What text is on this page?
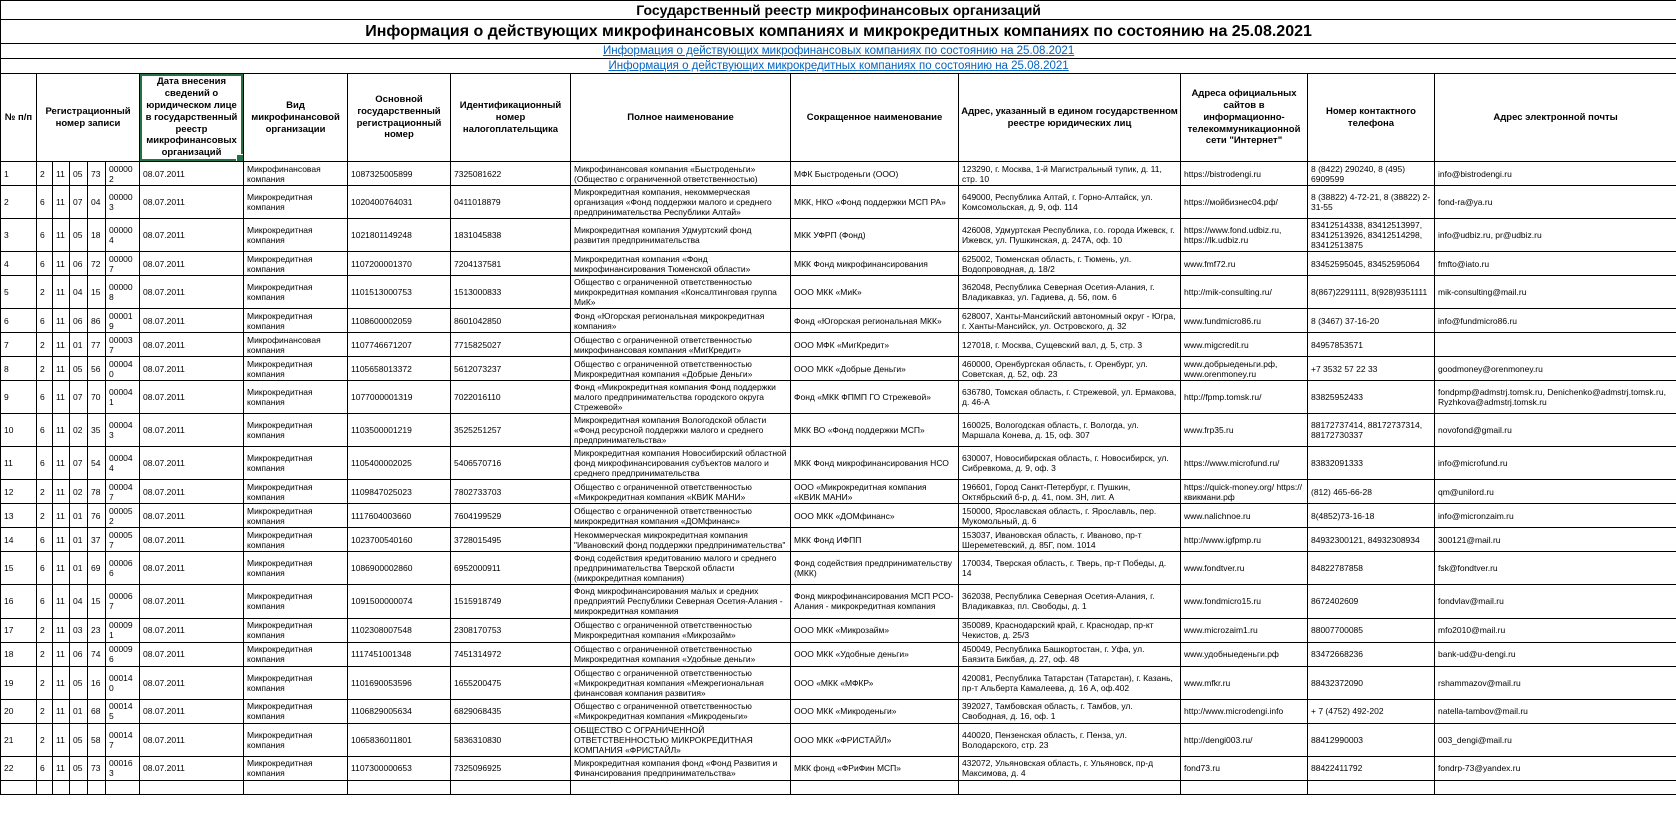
Государственный реестр микрофинансовых организаций															
Информация о действующих микрофинансовых компаниях и микрокредитных компаниях по состоянию на 25.08.2021															
Информация о действующих микрофинансовых компаниях по состоянию на 25.08.2021															
Информация о действующих микрокредитных компаниях по состоянию на 25.08.2021															
№ п/п	Регистрационный номер записи					Дата внесения сведений о юридическом лице в государственный реестр микрофинансовых организаций	Вид микрофинансовой организации	Основной государственный регистрационный номер	Идентификационный номер налогоплательщика	Полное наименование	Сокращенное наименование	Адрес, указанный в едином государственном реестре юридических лиц	Адреса официальных сайтов в информационно-телекоммуникационной сети "Интернет"	Номер контактного телефона	Адрес электронной почты
1	2	11	05	73	000002	08.07.2011	Микрофинансовая компания	1087325005899	7325081622	Микрофинансовая компания «Быстроденьги» (Общество с ограниченной ответственностью)	МФК Быстроденьги (ООО)	123290, г. Москва, 1-й Магистральный тупик, д. 11, стр. 10	https://bistrodengi.ru	8 (8422) 290240, 8 (495) 6909599	info@bistrodengi.ru
2	6	11	07	04	000003	08.07.2011	Микрокредитная компания	1020400764031	0411018879	Микрокредитная компания, некоммерческая организация «Фонд поддержки малого и среднего предпринимательства Республики Алтай»	МКК, НКО «Фонд поддержки МСП РА»	649000, Республика Алтай, г. Горно-Алтайск, ул. Комсомольская, д. 9, оф. 114	https://мойбизнес04.рф/	8 (38822) 4-72-21, 8 (38822) 2-31-55	fond-ra@ya.ru
3	6	11	05	18	000004	08.07.2011	Микрокредитная компания	1021801149248	1831045838	Микрокредитная компания Удмуртский фонд развития предпринимательства	МКК УФРП (Фонд)	426008, Удмуртская Республика, г.о. города Ижевск, г. Ижевск, ул. Пушкинская, д. 247А, оф. 10	https://www.fond.udbiz.ru, https://lk.udbiz.ru	83412514338, 83412513997, 83412513926, 83412514298, 83412513875	info@udbiz.ru, pr@udbiz.ru
4	6	11	06	72	000007	08.07.2011	Микрокредитная компания	1107200001370	7204137581	Микрокредитная компания «Фонд микрофинансирования Тюменской области»	МКК Фонд микрофинансирования	625002, Тюменская область, г. Тюмень, ул. Водопроводная, д. 18/2	www.fmf72.ru	83452595045, 83452595064	fmfto@iato.ru
5	2	11	04	15	000008	08.07.2011	Микрокредитная компания	1101513000753	1513000833	Общество с ограниченной ответственностью микрокредитная компания «Консалтинговая группа МиК»	ООО МКК «МиК»	362048, Республика Северная Осетия-Алания, г. Владикавказ, ул. Гадиева, д. 56, пом. 6	http://mik-consulting.ru/	8(867)2291111, 8(928)9351111	mik-consulting@mail.ru
6	6	11	06	86	000019	08.07.2011	Микрокредитная компания	1108600002059	8601042850	Фонд «Югорская региональная микрокредитная компания»	Фонд «Югорская региональная МКК»	628007, Ханты-Мансийский автономный округ - Югра, г. Ханты-Мансийск, ул. Островского, д. 32	www.fundmicro86.ru	8 (3467) 37-16-20	info@fundmicro86.ru
7	2	11	01	77	000037	08.07.2011	Микрофинансовая компания	1107746671207	7715825027	Общество с ограниченной ответственностью микрофинансовая компания «МигКредит»	ООО МФК «МигКредит»	127018, г. Москва, Сущевский вал, д. 5, стр. 3	www.migcredit.ru	84957853571	
8	2	11	05	56	000040	08.07.2011	Микрокредитная компания	1105658013372	5612073237	Общество с ограниченной ответственностью Микрокредитная компания «Добрые Деньги»	ООО МКК «Добрые Деньги»	460000, Оренбургская область, г. Оренбург, ул. Советская, д. 52, оф. 23	www.добрыеденьги.рф, www.orenmoney.ru	+7 3532 57 22 33	goodmoney@orenmoney.ru
9	6	11	07	70	000041	08.07.2011	Микрокредитная компания	1077000001319	7022016110	Фонд «Микрокредитная компания Фонд поддержки малого предпринимательства городского округа Стрежевой»	Фонд «МКК ФПМП ГО Стрежевой»	636780, Томская область, г. Стрежевой, ул. Ермакова, д. 46-А	http://fpmp.tomsk.ru/	83825952433	fondpmp@admstrj.tomsk.ru, Denichenko@admstrj.tomsk.ru, Ryzhkova@admstrj.tomsk.ru
10	6	11	02	35	000043	08.07.2011	Микрокредитная компания	1103500001219	3525251257	Микрокредитная компания Вологодской области «Фонд ресурсной поддержки малого и среднего предпринимательства»	МКК ВО «Фонд поддержки МСП»	160025, Вологодская область, г. Вологда, ул. Маршала Конева, д. 15, оф. 307	www.frp35.ru	88172737414, 88172737314, 88172730337	novofond@gmail.ru
11	6	11	07	54	000044	08.07.2011	Микрокредитная компания	1105400002025	5406570716	Микрокредитная компания Новосибирский областной фонд микрофинансирования субъектов малого и среднего предпринимательства	МКК Фонд микрофинансирования НСО	630007, Новосибирская область, г. Новосибирск, ул. Сибревкома, д. 9, оф. 3	https://www.microfund.ru/	83832091333	info@microfund.ru
12	2	11	02	78	000047	08.07.2011	Микрокредитная компания	1109847025023	7802733703	Общество с ограниченной ответственностью «Микрокредитная компания «КВИК МАНИ»	ООО «Микрокредитная компания «КВИК МАНИ»	196601, Город Санкт-Петербург, г. Пушкин, Октябрьский б-р, д. 41, пом. 3Н, лит. А	https://quick-money.org/ https://квикмани.рф	(812) 465-66-28	qm@unilord.ru
13	2	11	01	76	000052	08.07.2011	Микрокредитная компания	1117604003660	7604199529	Общество с ограниченной ответственностью микрокредитная компания «ДОМфинанс»	ООО МКК «ДОМфинанс»	150000, Ярославская область, г. Ярославль, пер. Мукомольный, д. 6	www.nalichnoe.ru	8(4852)73-16-18	info@micronzaim.ru
14	6	11	01	37	000057	08.07.2011	Микрокредитная компания	1023700540160	3728015495	Некоммерческая микрокредитная компания "Ивановский фонд поддержки предпринимательства"	МКК Фонд ИФПП	153037, Ивановская область, г. Иваново, пр-т Шереметевский, д. 85Г, пом. 1014	http://www.igfpmp.ru	84932300121, 84932308934	300121@mail.ru
15	6	11	01	69	000066	08.07.2011	Микрокредитная компания	1086900002860	6952000911	Фонд содействия кредитованию малого и среднего предпринимательства Тверской области (микрокредитная компания)	Фонд содействия предпринимательству (МКК)	170034, Тверская область, г. Тверь, пр-т Победы, д. 14	www.fondtver.ru	84822787858	fsk@fondtver.ru
16	6	11	04	15	000067	08.07.2011	Микрокредитная компания	1091500000074	1515918749	Фонд микрофинансирования малых и средних предприятий Республики Северная Осетия-Алания - микрокредитная компания	Фонд микрофинансирования МСП РСО-Алания - микрокредитная компания	362038, Республика Северная Осетия-Алания, г. Владикавказ, пл. Свободы, д. 1	www.fondmicro15.ru	8672402609	fondvlav@mail.ru
17	2	11	03	23	000091	08.07.2011	Микрокредитная компания	1102308007548	2308170753	Общество с ограниченной ответственностью Микрокредитная компания «Микрозайм»	ООО МКК «Микрозайм»	350089, Краснодарский край, г. Краснодар, пр-кт Чекистов, д. 25/3	www.microzaim1.ru	88007700085	mfo2010@mail.ru
18	2	11	06	74	000096	08.07.2011	Микрокредитная компания	1117451001348	7451314972	Общество с ограниченной ответственностью Микрокредитная компания «Удобные деньги»	ООО МКК «Удобные деньги»	450049, Республика Башкортостан, г. Уфа, ул. Баязита Бикбая, д. 27, оф. 48	www.удобныеденьги.рф	83472668236	bank-ud@u-dengi.ru
19	2	11	05	16	000140	08.07.2011	Микрокредитная компания	1101690053596	1655200475	Общество с ограниченной ответственностью «Микрокредитная компания «Межрегиональная финансовая компания развития»	ООО «МКК «МФКР»	420081, Республика Татарстан (Татарстан), г. Казань, пр-т Альберта Камалеева, д. 16 А, оф.402	www.mfkr.ru	88432372090	rshammazov@mail.ru
20	2	11	01	68	000145	08.07.2011	Микрокредитная компания	1106829005634	6829068435	Общество с ограниченной ответственностью «Микрокредитная компания «Микроденьги»	ООО МКК «Микроденьги»	392027, Тамбовская область, г. Тамбов, ул. Свободная, д. 16, оф. 1	http://www.microdengi.info	+ 7 (4752) 492-202	natella-tambov@mail.ru
21	2	11	05	58	000147	08.07.2011	Микрокредитная компания	1065836011801	5836310830	ОБЩЕСТВО С ОГРАНИЧЕННОЙ ОТВЕТСТВЕННОСТЬЮ МИКРОКРЕДИТНАЯ КОМПАНИЯ «ФРИСТАЙЛ»	ООО МКК «ФРИСТАЙЛ»	440020, Пензенская область, г. Пенза, ул. Володарского, стр. 23	http://dengi003.ru/	88412990003	003_dengi@mail.ru
22	6	11	05	73	000163	08.07.2011	Микрокредитная компания	1107300000653	7325096925	Микрокредитная компания фонд «Фонд Развития и Финансирования предпринимательства»	МКК фонд «ФРиФин МСП»	432072, Ульяновская область, г. Ульяновск, пр-д Максимова, д. 4	fond73.ru	88422411792	fondrp-73@yandex.ru
